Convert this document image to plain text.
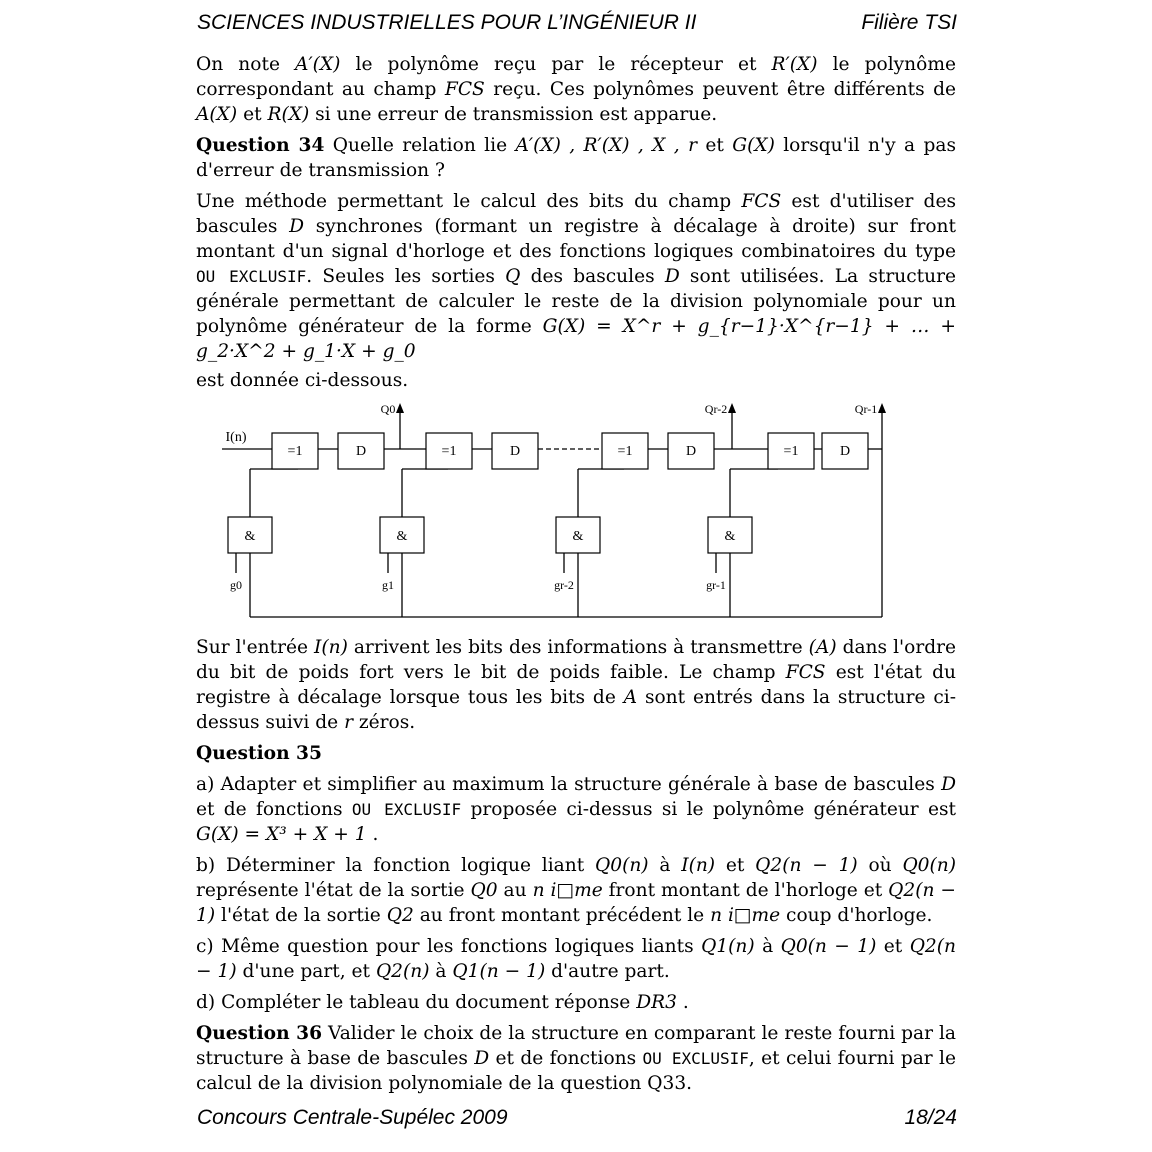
SCIENCES INDUSTRIELLES POUR L’INGÉNIEUR II	Filière TSI

On note A′(X) le polynôme reçu par le récepteur et R′(X) le polynôme correspondant au champ FCS reçu. Ces polynômes peuvent être différents de A(X) et R(X) si une erreur de transmission est apparue.

Question 34 Quelle relation lie A′(X) , R′(X) , X , r et G(X) lorsqu'il n'y a pas d'erreur de transmission ?

Une méthode permettant le calcul des bits du champ FCS est d'utiliser des bascules D synchrones (formant un registre à décalage à droite) sur front montant d'un signal d'horloge et des fonctions logiques combinatoires du type OU EXCLUSIF. Seules les sorties Q des bascules D sont utilisées. La structure générale permettant de calculer le reste de la division polynomiale pour un polynôme générateur de la forme G(X) = X^r + g_{r−1}·X^{r−1} + … + g_2·X^2 + g_1·X + g_0

est donnée ci-dessous.

I(n)
=1	=1	=1	=1
D	D	D	D
&	&	&	&
Q0	Qr-2	Qr-1
g0	g1	gr-2	gr-1

Sur l'entrée I(n) arrivent les bits des informations à transmettre (A) dans l'ordre du bit de poids fort vers le bit de poids faible. Le champ FCS est l'état du registre à décalage lorsque tous les bits de A sont entrés dans la structure ci-dessus suivi de r zéros.

Question 35

a) Adapter et simplifier au maximum la structure générale à base de bascules D et de fonctions OU EXCLUSIF proposée ci-dessus si le polynôme générateur est G(X) = X³ + X + 1 .

b) Déterminer la fonction logique liant Q0(n) à I(n) et Q2(n − 1) où Q0(n) représente l'état de la sortie Q0 au n i□me front montant de l'horloge et Q2(n − 1) l'état de la sortie Q2 au front montant précédent le n i□me coup d'horloge.

c) Même question pour les fonctions logiques liants Q1(n) à Q0(n − 1) et Q2(n − 1) d'une part, et Q2(n) à Q1(n − 1) d'autre part.

d) Compléter le tableau du document réponse DR3 .

Question 36 Valider le choix de la structure en comparant le reste fourni par la structure à base de bascules D et de fonctions OU EXCLUSIF, et celui fourni par le calcul de la division polynomiale de la question Q33.

Concours Centrale-Supélec 2009	18/24
